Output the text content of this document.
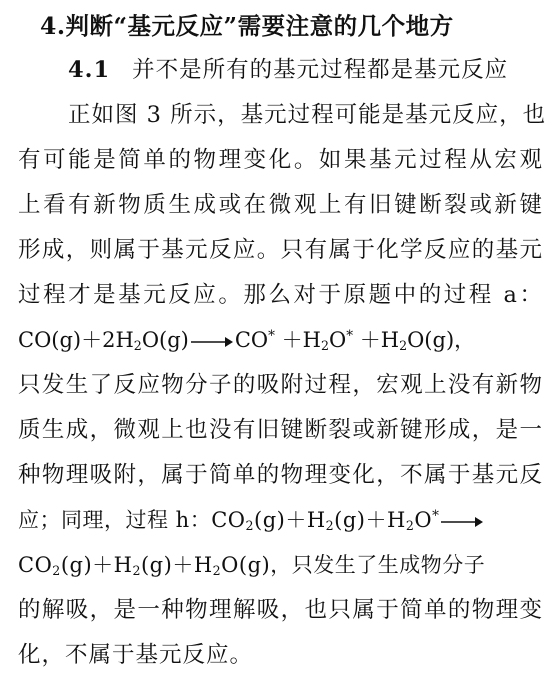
4.判断“基元反应”需要注意的几个地方
4.1 并不是所有的基元过程都是基元反应
正如图 3 所示，基元过程可能是基元反应，也
有可能是简单的物理变化。如果基元过程从宏观
上看有新物质生成或在微观上有旧键断裂或新键
形成，则属于基元反应。只有属于化学反应的基元
过程才是基元反应。那么对于原题中的过程 a：
$CO(g)+2H_2O(g) \to CO^* +H_2O^* +H_2O(g)$，
只发生了反应物分子的吸附过程，宏观上没有新物
质生成，微观上也没有旧键断裂或新键形成，是一
种物理吸附，属于简单的物理变化，不属于基元反
应；同理，过程 h：$CO_2(g)+H_2(g)+H_2O^*$ →
$CO_2(g)+H_2(g)+H_2O(g)$，只发生了生成物分子
的解吸，是一种物理解吸，也只属于简单的物理变
化，不属于基元反应。
